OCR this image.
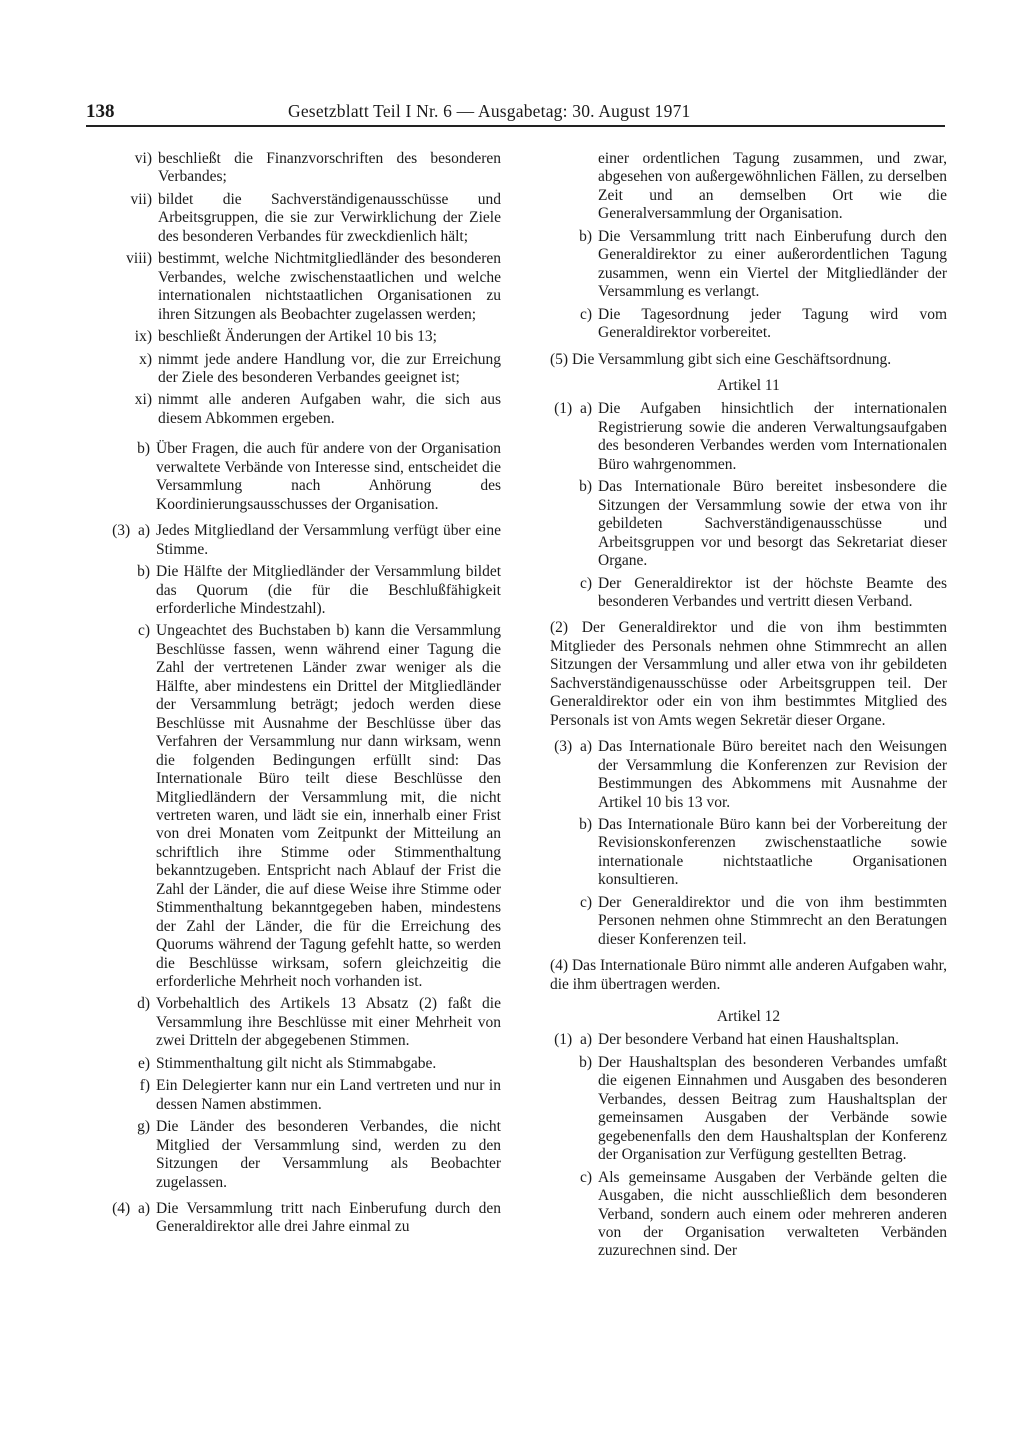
138	Gesetzblatt Teil I Nr. 6 — Ausgabetag: 30. August 1971
vi) beschließt die Finanzvorschriften des besonderen Verbandes;
vii) bildet die Sachverständigenausschüsse und Arbeitsgruppen, die sie zur Verwirklichung der Ziele des besonderen Verbandes für zweckdienlich hält;
viii) bestimmt, welche Nichtmitgliedländer des besonderen Verbandes, welche zwischenstaatlichen und welche internationalen nichtstaatlichen Organisationen zu ihren Sitzungen als Beobachter zugelassen werden;
ix) beschließt Änderungen der Artikel 10 bis 13;
x) nimmt jede andere Handlung vor, die zur Erreichung der Ziele des besonderen Verbandes geeignet ist;
xi) nimmt alle anderen Aufgaben wahr, die sich aus diesem Abkommen ergeben.
b) Über Fragen, die auch für andere von der Organisation verwaltete Verbände von Interesse sind, entscheidet die Versammlung nach Anhörung des Koordinierungsausschusses der Organisation.
(3) a) Jedes Mitgliedland der Versammlung verfügt über eine Stimme.
b) Die Hälfte der Mitgliedländer der Versammlung bildet das Quorum (die für die Beschlußfähigkeit erforderliche Mindestzahl).
c) Ungeachtet des Buchstaben b) kann die Versammlung Beschlüsse fassen, wenn während einer Tagung die Zahl der vertretenen Länder zwar weniger als die Hälfte, aber mindestens ein Drittel der Mitgliedländer der Versammlung beträgt; jedoch werden diese Beschlüsse mit Ausnahme der Beschlüsse über das Verfahren der Versammlung nur dann wirksam, wenn die folgenden Bedingungen erfüllt sind: Das Internationale Büro teilt diese Beschlüsse den Mitgliedländern der Versammlung mit, die nicht vertreten waren, und lädt sie ein, innerhalb einer Frist von drei Monaten vom Zeitpunkt der Mitteilung an schriftlich ihre Stimme oder Stimmenthaltung bekanntzugeben. Entspricht nach Ablauf der Frist die Zahl der Länder, die auf diese Weise ihre Stimme oder Stimmenthaltung bekanntgegeben haben, mindestens der Zahl der Länder, die für die Erreichung des Quorums während der Tagung gefehlt hatte, so werden die Beschlüsse wirksam, sofern gleichzeitig die erforderliche Mehrheit noch vorhanden ist.
d) Vorbehaltlich des Artikels 13 Absatz (2) faßt die Versammlung ihre Beschlüsse mit einer Mehrheit von zwei Dritteln der abgegebenen Stimmen.
e) Stimmenthaltung gilt nicht als Stimmabgabe.
f) Ein Delegierter kann nur ein Land vertreten und nur in dessen Namen abstimmen.
g) Die Länder des besonderen Verbandes, die nicht Mitglied der Versammlung sind, werden zu den Sitzungen der Versammlung als Beobachter zugelassen.
(4) a) Die Versammlung tritt nach Einberufung durch den Generaldirektor alle drei Jahre einmal zu
einer ordentlichen Tagung zusammen, und zwar, abgesehen von außergewöhnlichen Fällen, zu derselben Zeit und an demselben Ort wie die Generalversammlung der Organisation.
b) Die Versammlung tritt nach Einberufung durch den Generaldirektor zu einer außerordentlichen Tagung zusammen, wenn ein Viertel der Mitgliedländer der Versammlung es verlangt.
c) Die Tagesordnung jeder Tagung wird vom Generaldirektor vorbereitet.

(5) Die Versammlung gibt sich eine Geschäftsordnung.

Artikel 11
(1) a) Die Aufgaben hinsichtlich der internationalen Registrierung sowie die anderen Verwaltungsaufgaben des besonderen Verbandes werden vom Internationalen Büro wahrgenommen.
b) Das Internationale Büro bereitet insbesondere die Sitzungen der Versammlung sowie der etwa von ihr gebildeten Sachverständigenausschüsse und Arbeitsgruppen vor und besorgt das Sekretariat dieser Organe.
c) Der Generaldirektor ist der höchste Beamte des besonderen Verbandes und vertritt diesen Verband.

(2) Der Generaldirektor und die von ihm bestimmten Mitglieder des Personals nehmen ohne Stimmrecht an allen Sitzungen der Versammlung und aller etwa von ihr gebildeten Sachverständigenausschüsse oder Arbeitsgruppen teil. Der Generaldirektor oder ein von ihm bestimmtes Mitglied des Personals ist von Amts wegen Sekretär dieser Organe.

(3) a) Das Internationale Büro bereitet nach den Weisungen der Versammlung die Konferenzen zur Revision der Bestimmungen des Abkommens mit Ausnahme der Artikel 10 bis 13 vor.
b) Das Internationale Büro kann bei der Vorbereitung der Revisionskonferenzen zwischenstaatliche sowie internationale nichtstaatliche Organisationen konsultieren.
c) Der Generaldirektor und die von ihm bestimmten Personen nehmen ohne Stimmrecht an den Beratungen dieser Konferenzen teil.

(4) Das Internationale Büro nimmt alle anderen Aufgaben wahr, die ihm übertragen werden.

Artikel 12
(1) a) Der besondere Verband hat einen Haushaltsplan.
b) Der Haushaltsplan des besonderen Verbandes umfaßt die eigenen Einnahmen und Ausgaben des besonderen Verbandes, dessen Beitrag zum Haushaltsplan der gemeinsamen Ausgaben der Verbände sowie gegebenenfalls den dem Haushaltsplan der Konferenz der Organisation zur Verfügung gestellten Betrag.
c) Als gemeinsame Ausgaben der Verbände gelten die Ausgaben, die nicht ausschließlich dem besonderen Verband, sondern auch einem oder mehreren anderen von der Organisation verwalteten Verbänden zuzurechnen sind. Der
